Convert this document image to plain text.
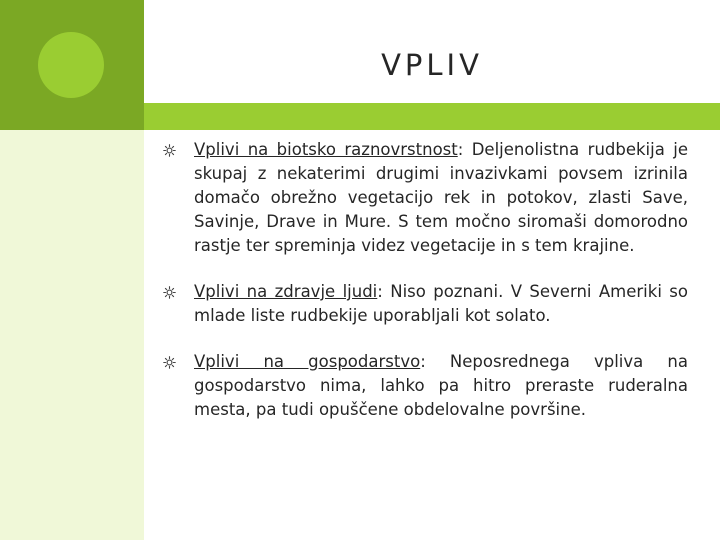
VPLIV
Vplivi na biotsko raznovrstnost: Deljenolistna rudbekija je skupaj z nekaterimi drugimi invazivkami povsem izrinila domačo obrežno vegetacijo rek in potokov, zlasti Save, Savinje, Drave in Mure. S tem močno siromaši domorodno rastje ter spreminja videz vegetacije in s tem krajine.
Vplivi na zdravje ljudi: Niso poznani. V Severni Ameriki so mlade liste rudbekije uporabljali kot solato.
Vplivi na gospodarstvo: Neposrednega vpliva na gospodarstvo nima, lahko pa hitro preraste ruderalna mesta, pa tudi opuščene obdelovalne površine.
